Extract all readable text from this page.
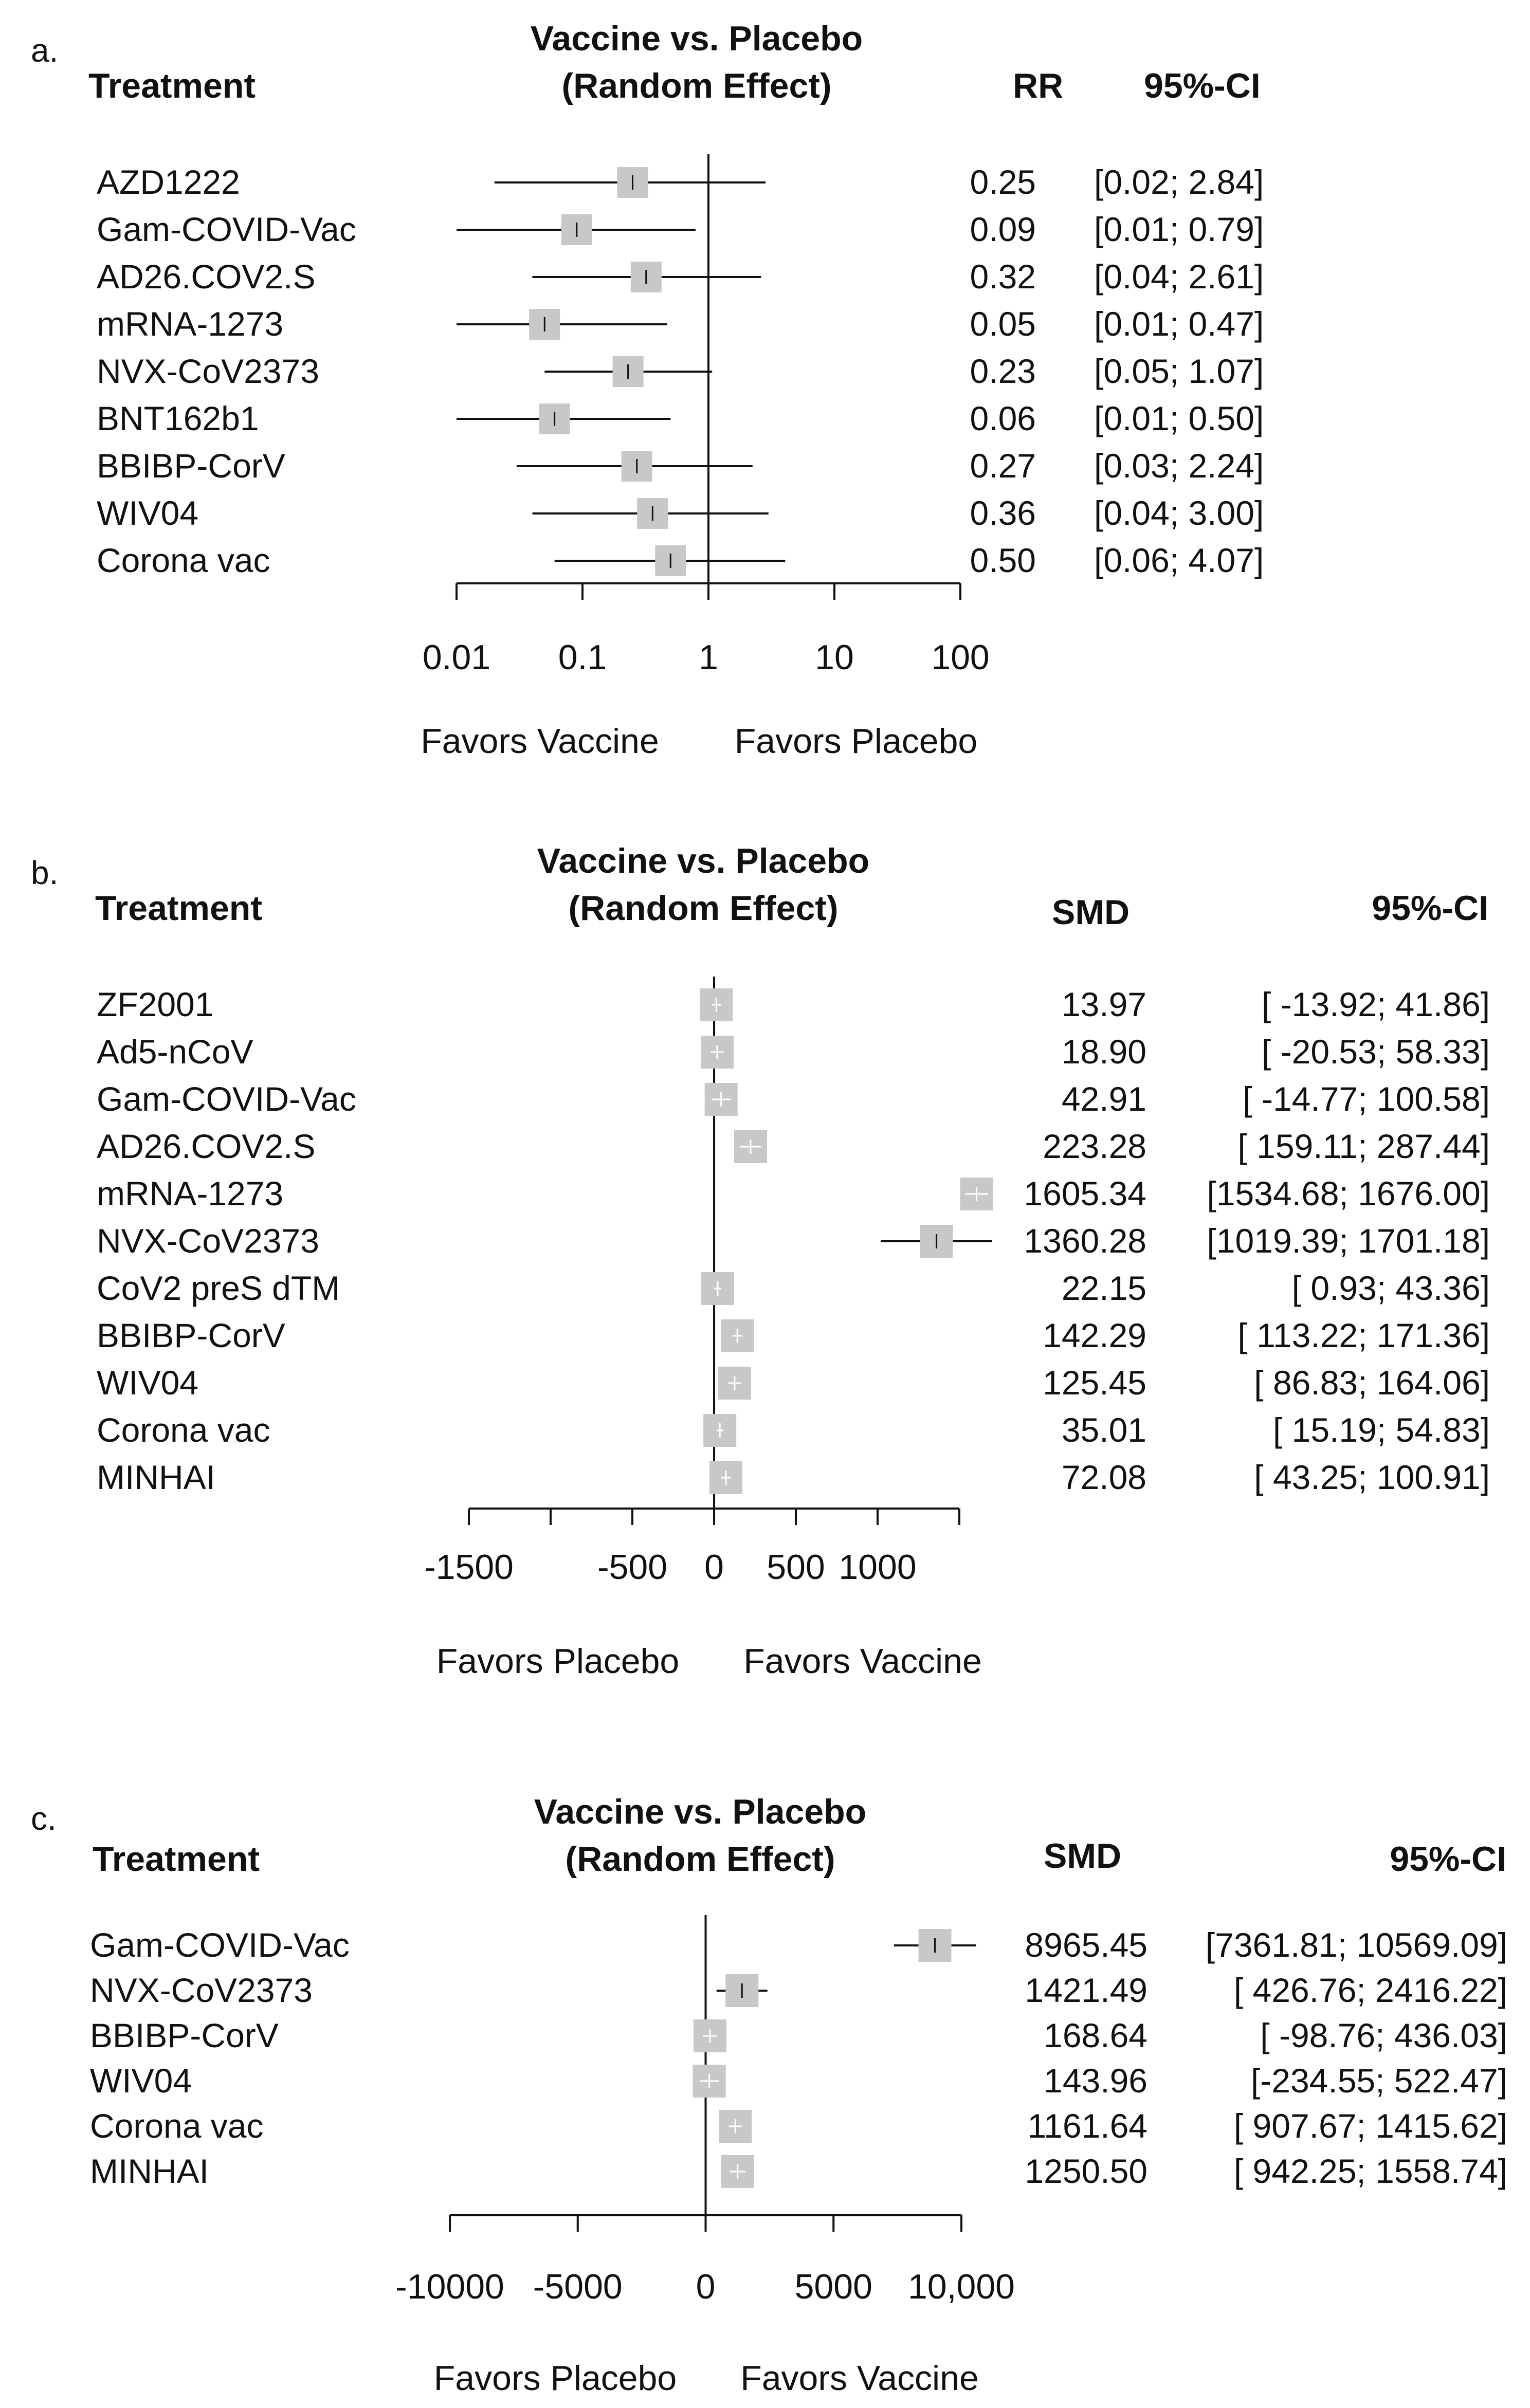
a.	Vaccine vs. Placebo
(Random Effect)
Treatment	RR 95%-CI
Favors Vaccine Favors Placebo
AZD1222	0.25 [0.02; 2.84]
Gam-COVID-Vac	0.09 [0.01; 0.79]
AD26.COV2.S	0.32 [0.04; 2.61]
mRNA-1273	0.05 [0.01; 0.47]
NVX-CoV2373	0.23 [0.05; 1.07]
BNT162b1	0.06 [0.01; 0.50]
BBIBP-CorV	0.27 [0.03; 2.24]
WIV04	0.36 [0.04; 3.00]
Corona vac	0.50 [0.06; 4.07]
0.01 0.1	1	10 100
b.	Vaccine vs. Placebo
(Random Effect)
Treatment	SMD	95%-CI
Favors Placebo Favors Vaccine
ZF2001	13.97	[ -13.92; 41.86]
Ad5-nCoV	18.90	[ -20.53; 58.33]
Gam-COVID-Vac	42.91	[ -14.77; 100.58]
AD26.COV2.S	223.28	[ 159.11; 287.44]
mRNA-1273	1605.34 [1534.68; 1676.00]
NVX-CoV2373	1360.28 [1019.39; 1701.18]
CoV2 preS dTM	22.15	[ 0.93; 43.36]
BBIBP-CorV	142.29	[ 113.22; 171.36]
WIV04	125.45	[ 86.83; 164.06]
Corona vac	35.01	[ 15.19; 54.83]
MINHAI	72.08	[ 43.25; 100.91]
-1500 -500 0 500 1000
c.	Vaccine vs. Placebo
(Random Effect)
Treatment	SMD	95%-CI
Favors Placebo Favors Vaccine
Gam-COVID-Vac	8965.45 [7361.81; 10569.09]
NVX-CoV2373	1421.49	[ 426.76; 2416.22]
BBIBP-CorV	168.64	[ -98.76; 436.03]
WIV04	143.96	[-234.55; 522.47]
Corona vac	1161.64	[ 907.67; 1415.62]
MINHAI	1250.50	[ 942.25; 1558.74]
-10000 -5000 0 5000 10,000
